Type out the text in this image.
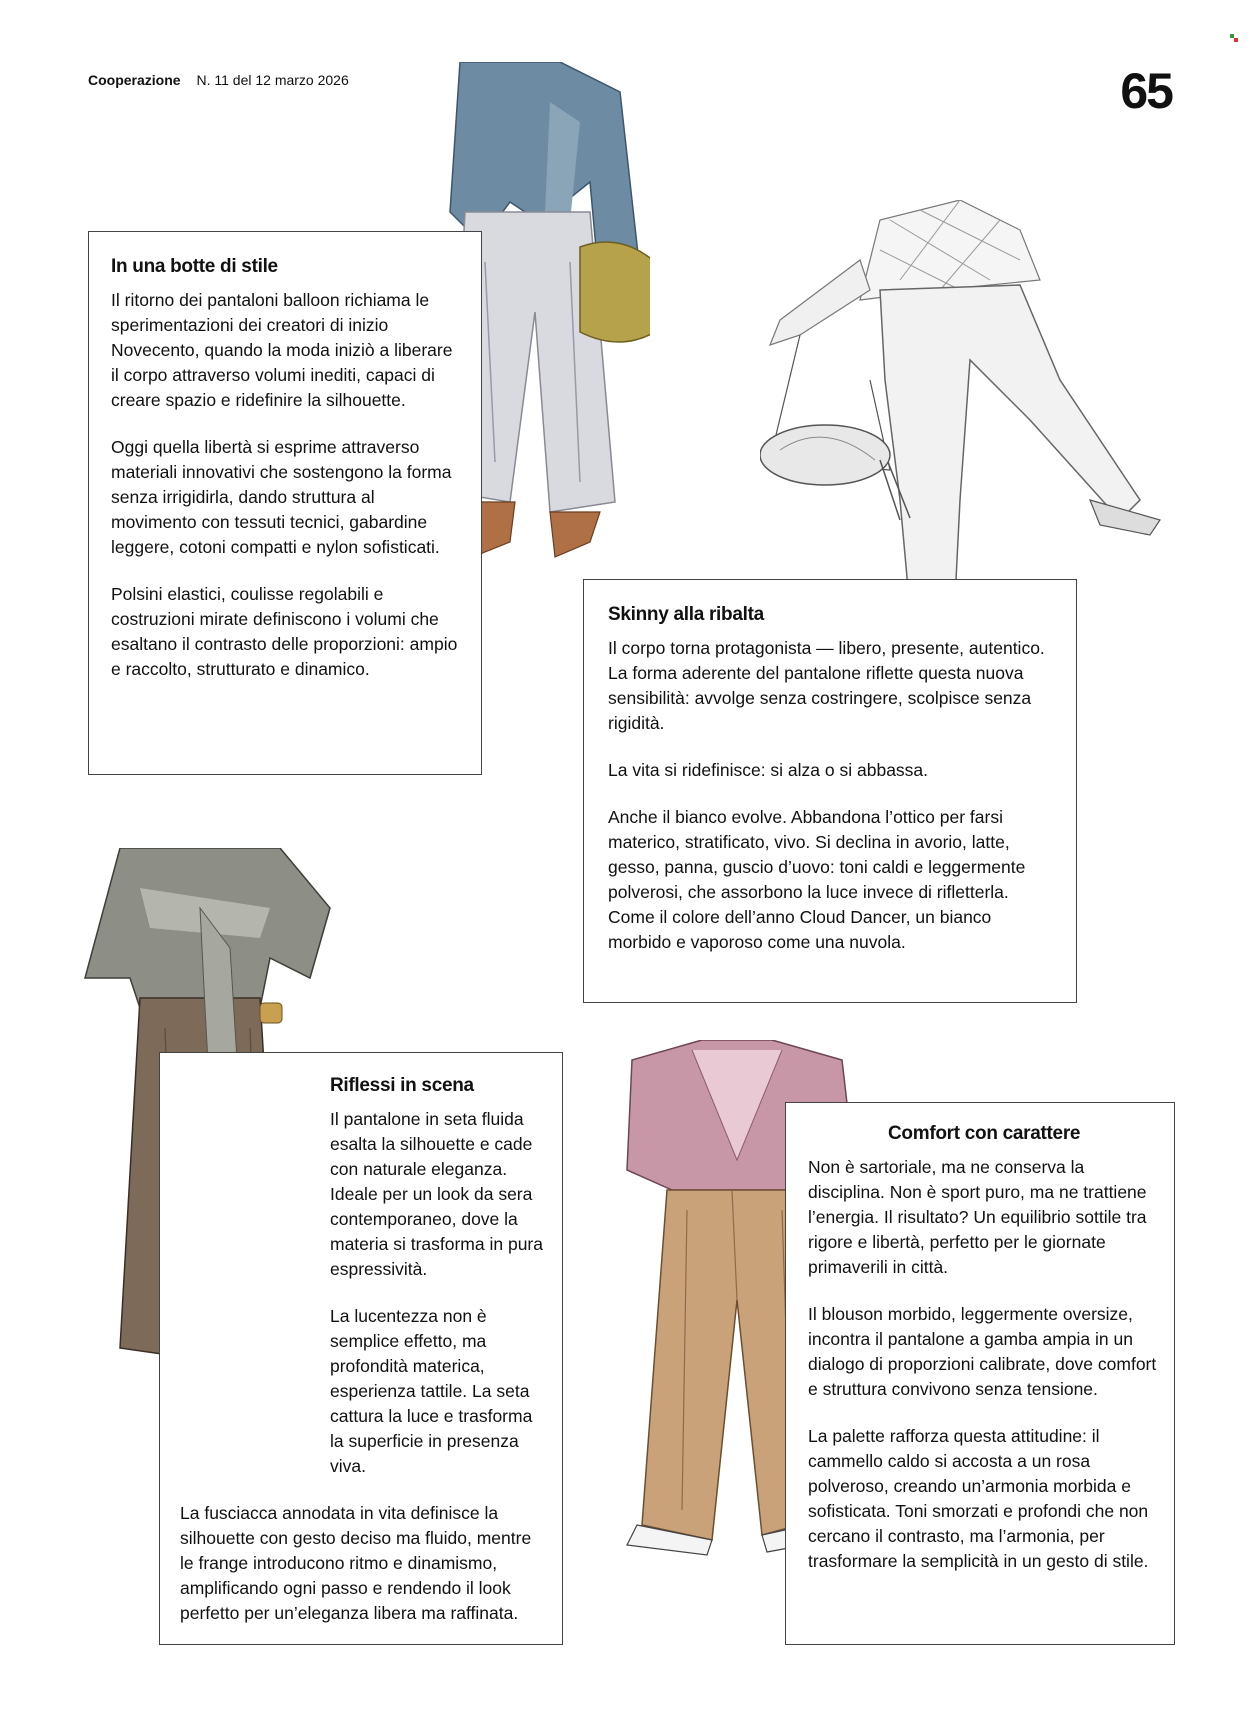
Cooperazione N. 11 del 12 marzo 2026	65
In una botte di stile

Il ritorno dei pantaloni balloon richiama le sperimentazioni dei creatori di inizio Novecento, quando la moda iniziò a liberare il corpo attraverso volumi inediti, capaci di creare spazio e ridefinire la silhouette.

Oggi quella libertà si esprime attraverso materiali innovativi che sostengono la forma senza irrigidirla, dando struttura al movimento con tessuti tecnici, gabardine leggere, cotoni compatti e nylon sofisticati.

Polsini elastici, coulisse regolabili e costruzioni mirate definiscono i volumi che esaltano il contrasto delle proporzioni: ampio e raccolto, strutturato e dinamico.

Skinny alla ribalta

Il corpo torna protagonista — libero, presente, autentico. La forma aderente del pantalone riflette questa nuova sensibilità: avvolge senza costringere, scolpisce senza rigidità.

La vita si ridefinisce: si alza o si abbassa.

Anche il bianco evolve. Abbandona l’ottico per farsi materico, stratificato, vivo. Si declina in avorio, latte, gesso, panna, guscio d’uovo: toni caldi e leggermente polverosi, che assorbono la luce invece di rifletterla. Come il colore dell’anno Cloud Dancer, un bianco morbido e vaporoso come una nuvola.

Riflessi in scena

Il pantalone in seta fluida esalta la silhouette e cade con naturale eleganza. Ideale per un look da sera contemporaneo, dove la materia si trasforma in pura espressività.

La lucentezza non è semplice effetto, ma profondità materica, esperienza tattile. La seta cattura la luce e trasforma la superficie in presenza viva.

La fusciacca annodata in vita definisce la silhouette con gesto deciso ma fluido, mentre le frange introducono ritmo e dinamismo, amplificando ogni passo e rendendo il look perfetto per un’eleganza libera ma raffinata.

Comfort con carattere

Non è sartoriale, ma ne conserva la disciplina. Non è sport puro, ma ne trattiene l’energia. Il risultato? Un equilibrio sottile tra rigore e libertà, perfetto per le giornate primaverili in città.

Il blouson morbido, leggermente oversize, incontra il pantalone a gamba ampia in un dialogo di proporzioni calibrate, dove comfort e struttura convivono senza tensione.

La palette rafforza questa attitudine: il cammello caldo si accosta a un rosa polveroso, creando un’armonia morbida e sofisticata. Toni smorzati e profondi che non cercano il contrasto, ma l’armonia, per trasformare la semplicità in un gesto di stile.
